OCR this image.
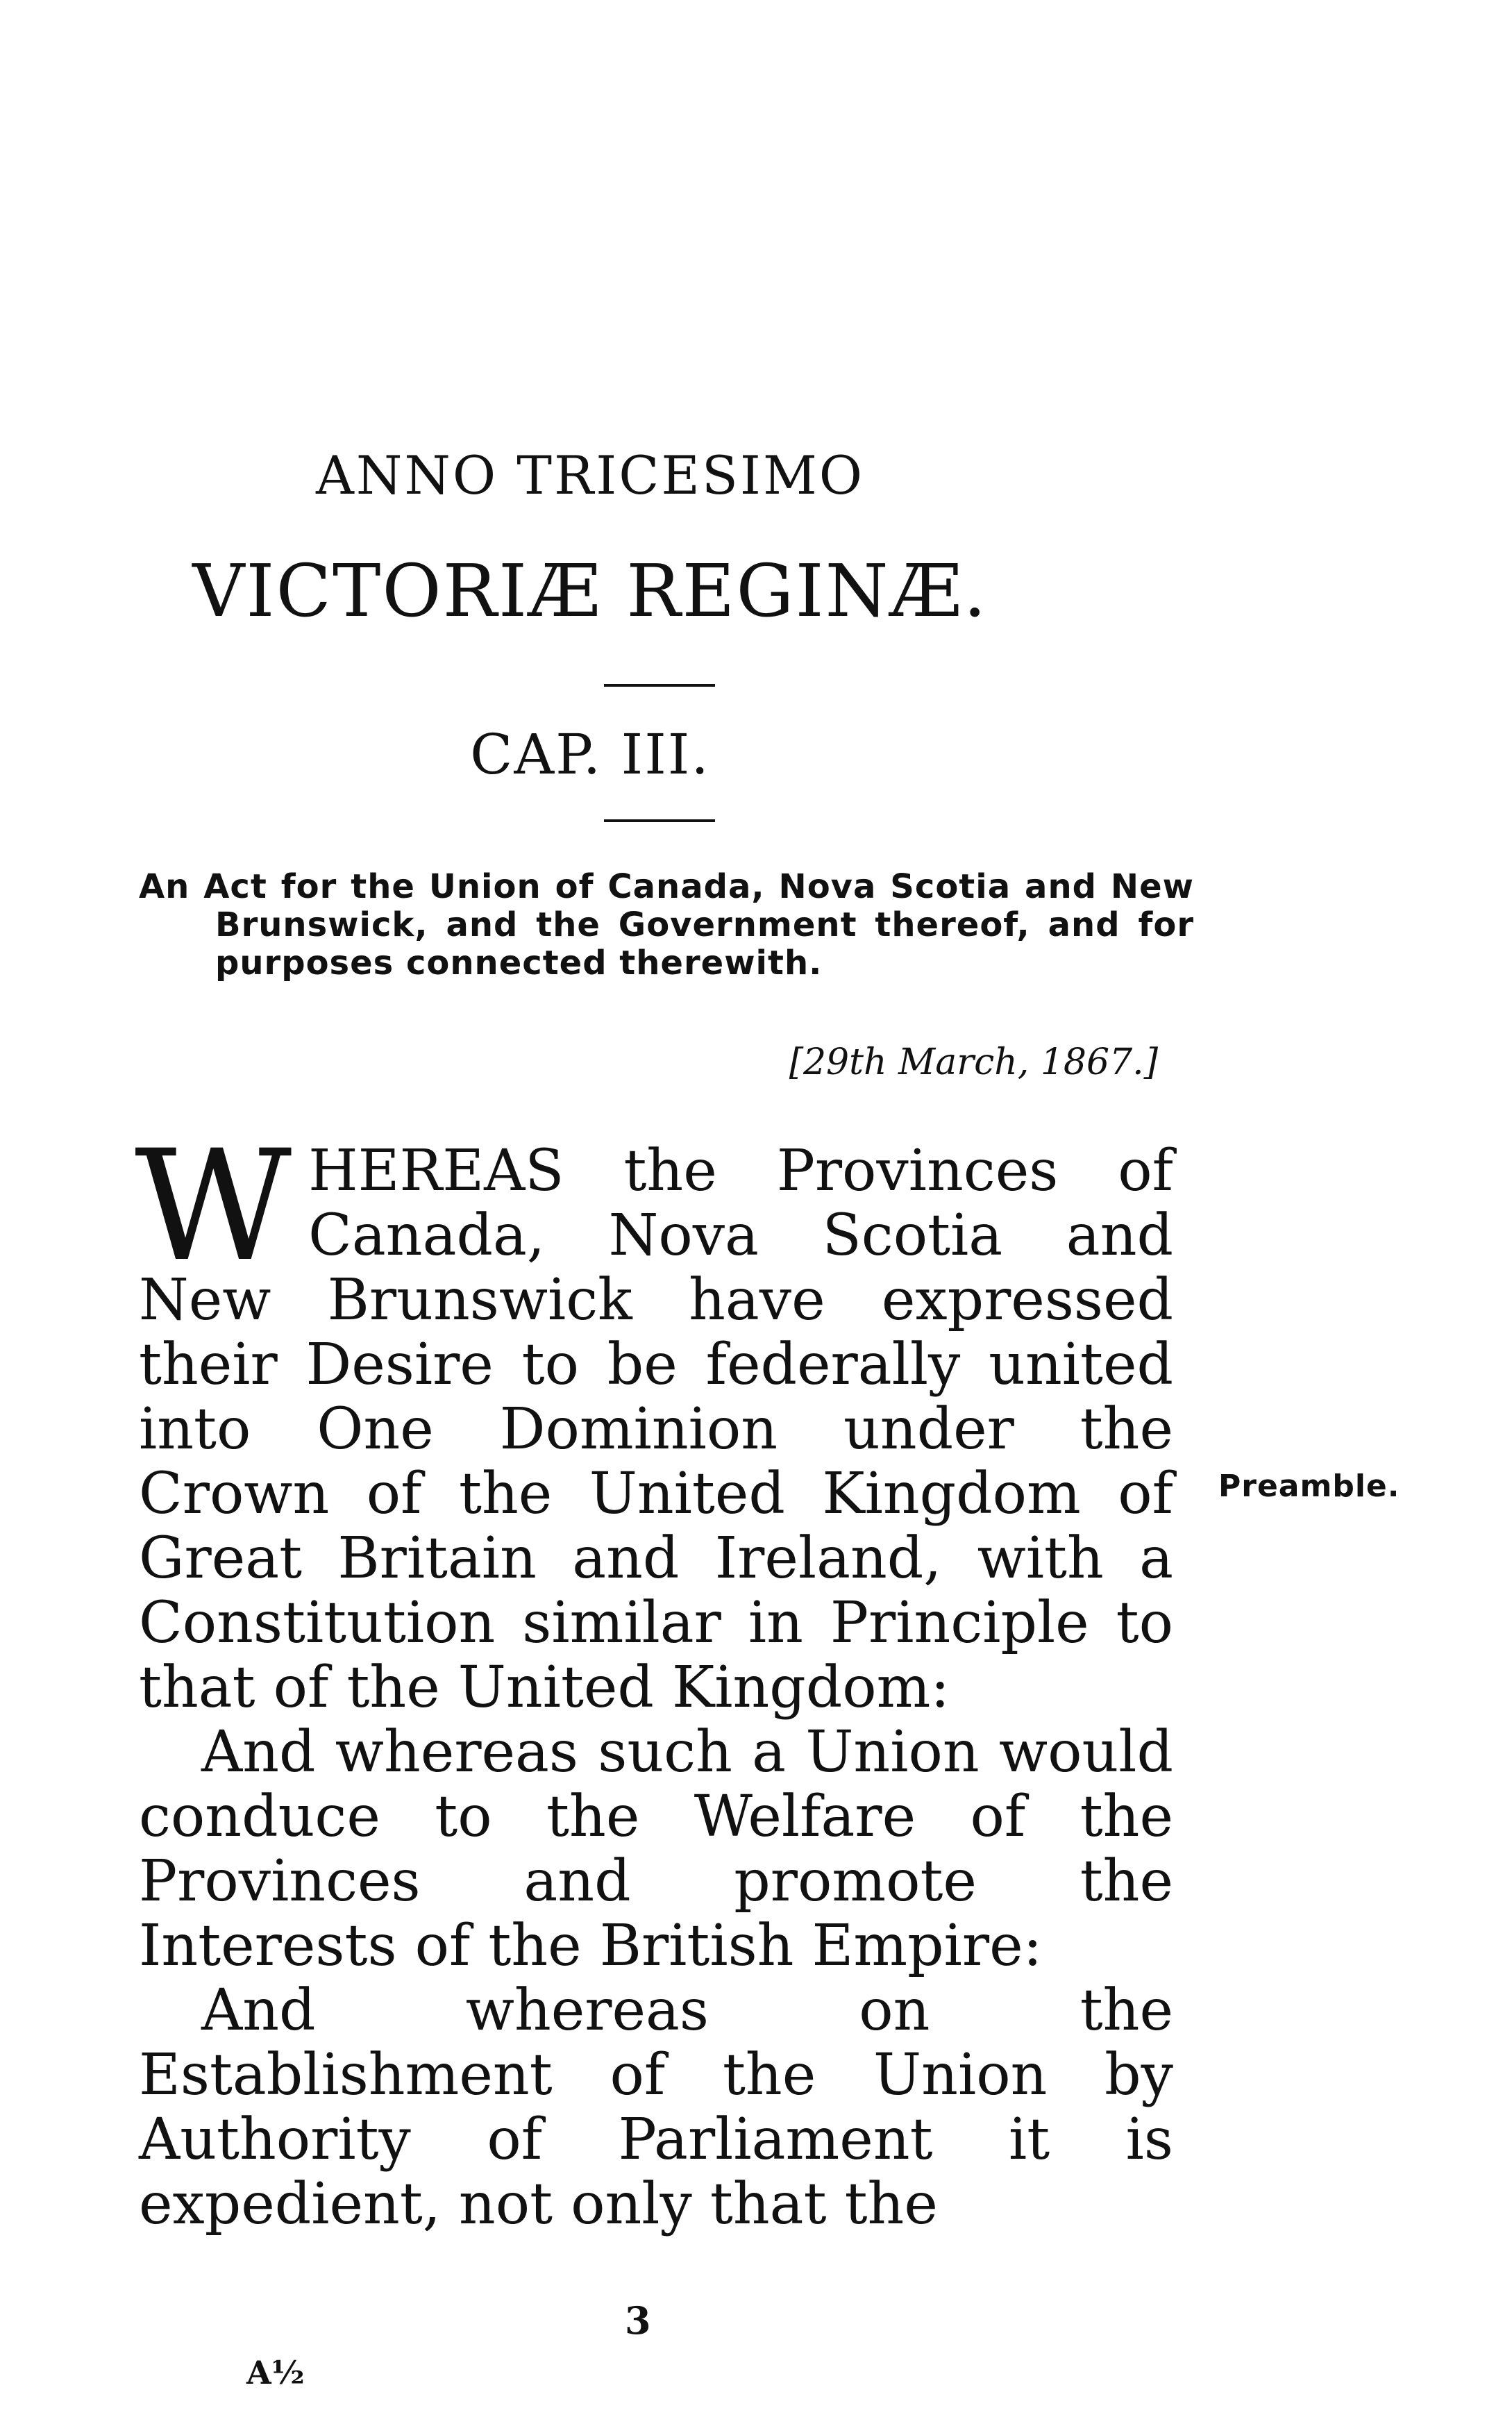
ANNO TRICESIMO
VICTORIÆ REGINÆ.
CAP. III.
An Act for the Union of Canada, Nova Scotia and New Brunswick, and the Government thereof, and for purposes connected therewith.
[29th March, 1867.]

WHEREAS the Provinces of Canada, Nova Scotia and New Brunswick have expressed their Desire to be federally united into One Dominion under the Crown of the United Kingdom of Great Britain and Ireland, with a Constitution similar in Principle to that of the United Kingdom:

And whereas such a Union would conduce to the Welfare of the Provinces and promote the Interests of the British Empire:

And whereas on the Establishment of the Union by Authority of Parliament it is expedient, not only that the

Preamble.
3
A½
